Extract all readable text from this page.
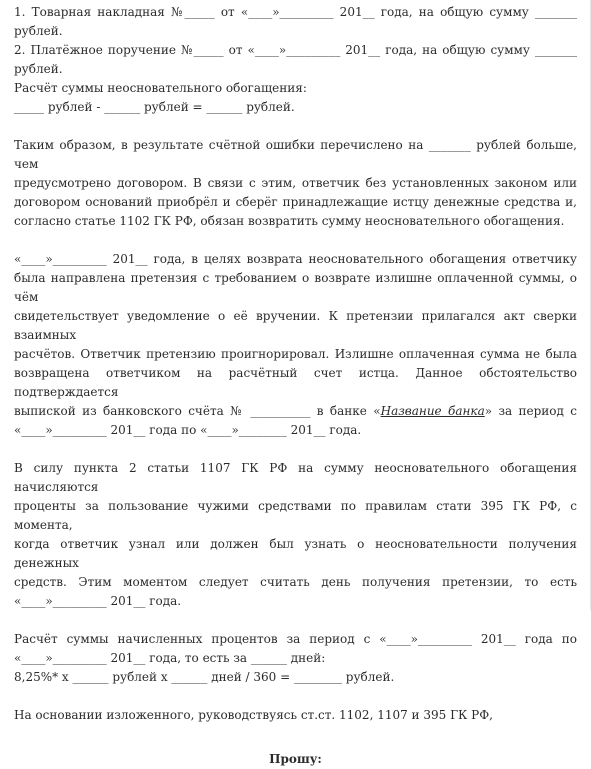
1. Товарная накладная №_____ от «____»_________ 201__ года, на общую сумму _______
рублей.
2. Платёжное поручение №_____ от «____»_________ 201__ года, на общую сумму _______
рублей.
Расчёт суммы неосновательного обогащения:
_____ рублей - ______ рублей = ______ рублей.
Таким образом, в результате счётной ошибки перечислено на _______ рублей больше, чем
предусмотрено договором. В связи с этим, ответчик без установленных законом или
договором оснований приобрёл и сберёг принадлежащие истцу денежные средства и,
согласно статье 1102 ГК РФ, обязан возвратить сумму неосновательного обогащения.
«____»_________ 201__ года, в целях возврата неосновательного обогащения ответчику
была направлена претензия с требованием о возврате излишне оплаченной суммы, о чём
свидетельствует уведомление о её вручении. К претензии прилагался акт сверки взаимных
расчётов. Ответчик претензию проигнорировал. Излишне оплаченная сумма не была
возвращена ответчиком на расчётный счет истца. Данное обстоятельство подтверждается
выпиской из банковского счёта № __________ в банке «Название банка» за период с
«____»_________ 201__ года по «____»________ 201__ года.
В силу пункта 2 статьи 1107 ГК РФ на сумму неосновательного обогащения начисляются
проценты за пользование чужими средствами по правилам стати 395 ГК РФ, с момента,
когда ответчик узнал или должен был узнать о неосновательности получения денежных
средств. Этим моментом следует считать день получения претензии, то есть
«____»_________ 201__ года.
Расчёт суммы начисленных процентов за период с «____»_________ 201__ года по
«____»_________ 201__ года, то есть за ______ дней:
8,25%* х ______ рублей х ______ дней / 360 = ________ рублей.
На основании изложенного, руководствуясь ст.ст. 1102, 1107 и 395 ГК РФ,
Прошу:
